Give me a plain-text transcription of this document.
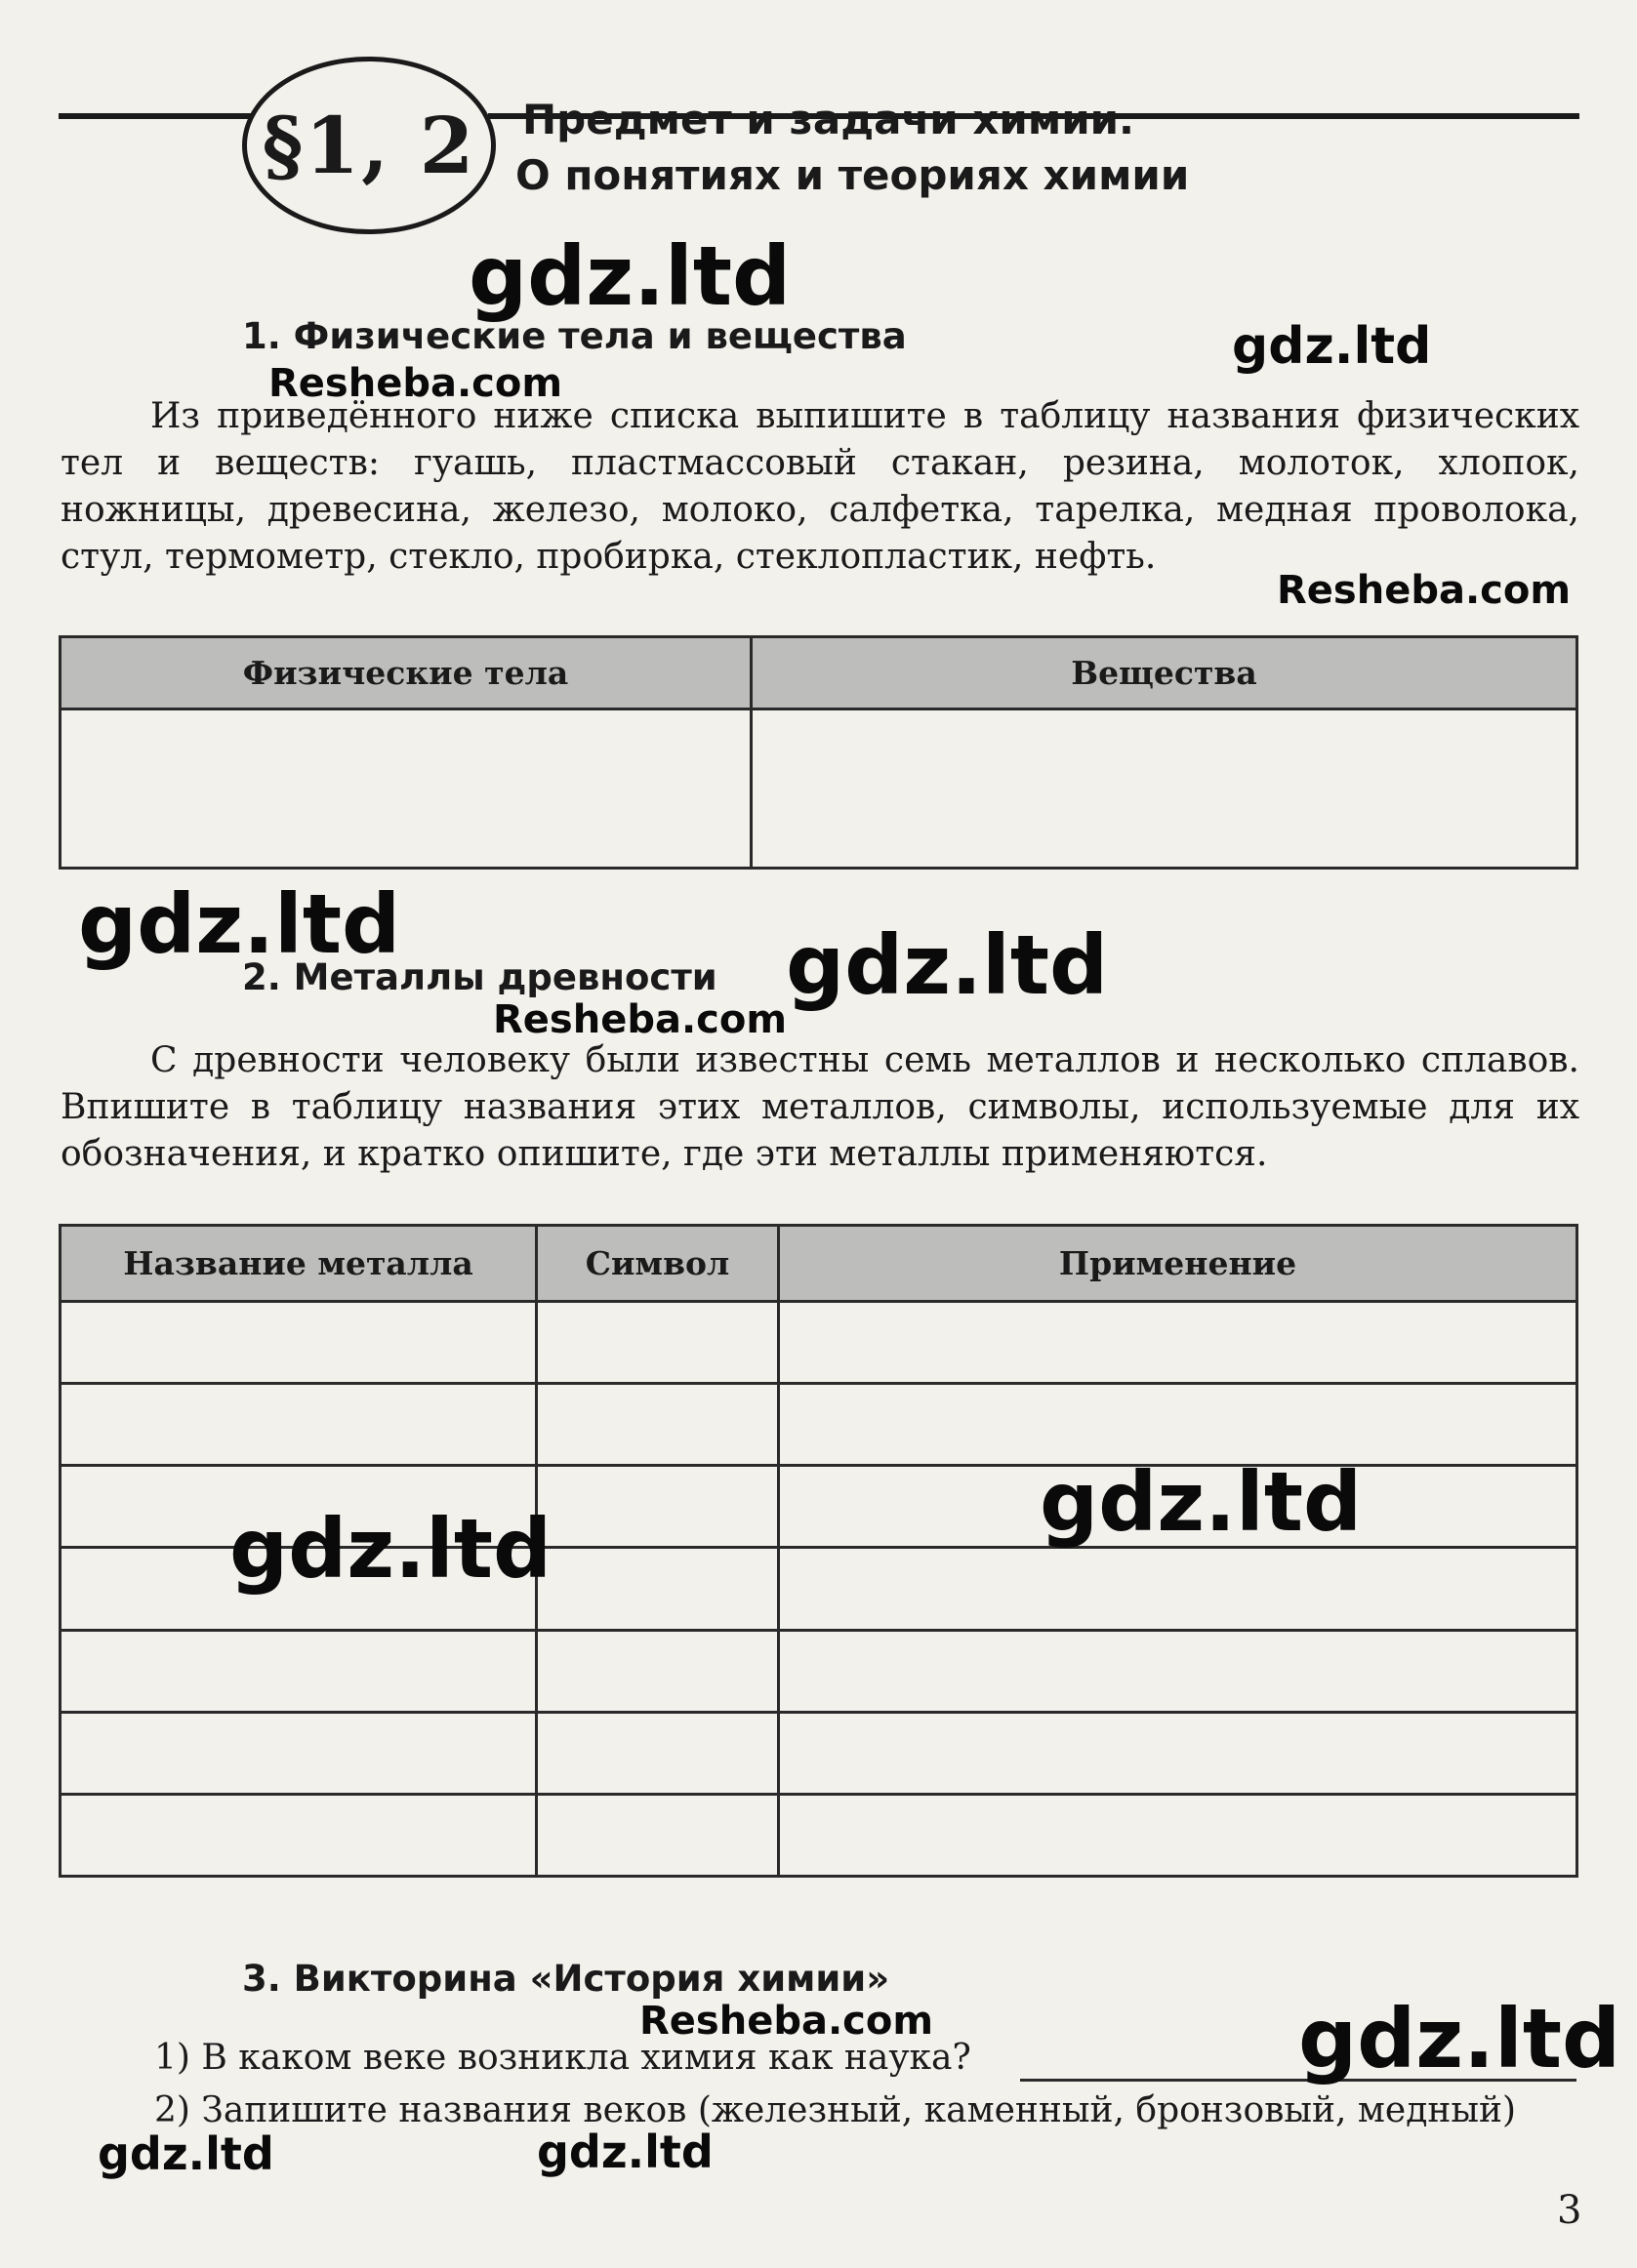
§1, 2 Предмет и задачи химии.
О понятиях и теориях химии
1. Физические тела и вещества
Из приведённого ниже списка выпишите в таблицу названия физических тел и веществ: гуашь, пластмассовый стакан, резина, молоток, хлопок, ножницы, древесина, железо, молоко, салфетка, тарелка, медная проволока, стул, термометр, стекло, пробирка, стеклопластик, нефть.
Физические тела	Вещества

2. Металлы древности
С древности человеку были известны семь металлов и несколько сплавов. Впишите в таблицу названия этих металлов, символы, используемые для их обозначения, и кратко опишите, где эти металлы применяются.
Название металла	Символ	Применение

3. Викторина «История химии»
1) В каком веке возникла химия как наука?
2) Запишите названия веков (железный, каменный, бронзовый, медный)
3
gdz.ltd
gdz.ltd
Resheba.com
Resheba.com
gdz.ltd	gdz.ltd
Resheba.com
gdz.ltd
gdz.ltd
Resheba.com	gdz.ltd
gdz.ltd	gdz.ltd
